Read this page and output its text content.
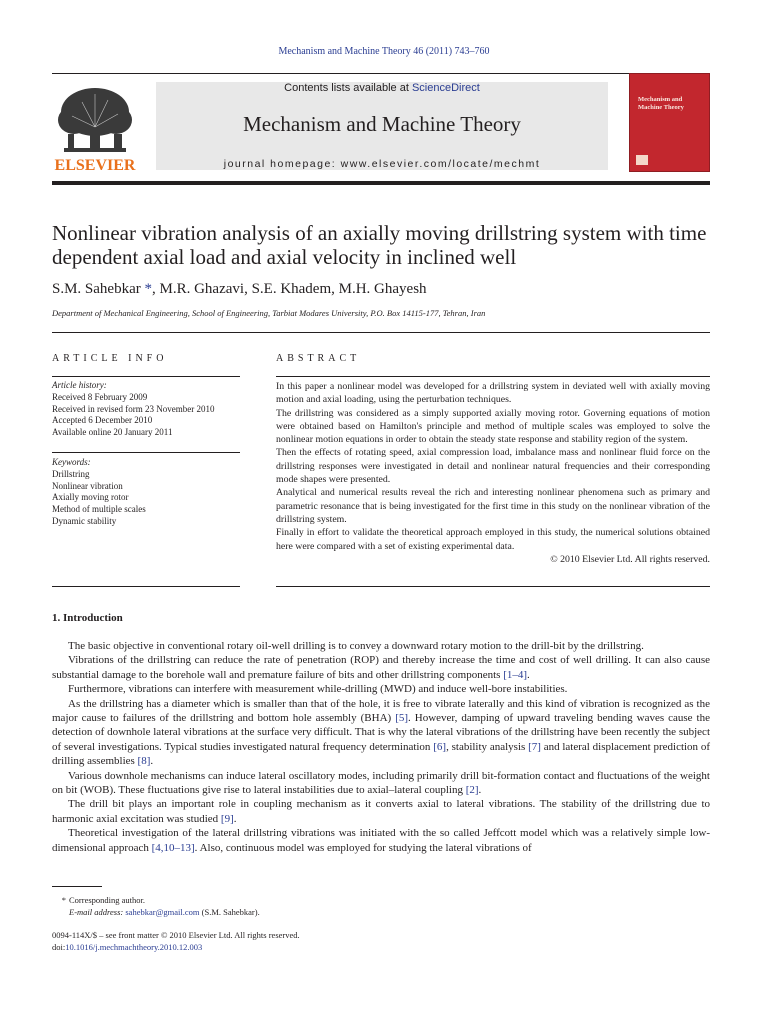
Mechanism and Machine Theory 46 (2011) 743–760
ELSEVIER
Contents lists available at ScienceDirect
Mechanism and Machine Theory
journal homepage: www.elsevier.com/locate/mechmt
Mechanism and Machine Theory
Nonlinear vibration analysis of an axially moving drillstring system with time dependent axial load and axial velocity in inclined well
S.M. Sahebkar *, M.R. Ghazavi, S.E. Khadem, M.H. Ghayesh
Department of Mechanical Engineering, School of Engineering, Tarbiat Modares University, P.O. Box 14115-177, Tehran, Iran
ARTICLE INFO
Article history:
Received 8 February 2009
Received in revised form 23 November 2010
Accepted 6 December 2010
Available online 20 January 2011
Keywords:
Drillstring
Nonlinear vibration
Axially moving rotor
Method of multiple scales
Dynamic stability
ABSTRACT

In this paper a nonlinear model was developed for a drillstring system in deviated well with axially moving motion and axial loading, using the perturbation techniques.

The drillstring was considered as a simply supported axially moving rotor. Governing equations of motion were obtained based on Hamilton's principle and method of multiple scales was employed to solve the nonlinear motion equations in order to obtain the steady state response and stability region of the system.

Then the effects of rotating speed, axial compression load, imbalance mass and nonlinear fluid force on the drillstring responses were investigated in detail and nonlinear natural frequencies and their corresponding mode shapes were presented.

Analytical and numerical results reveal the rich and interesting nonlinear phenomena such as primary and parametric resonance that is being investigated for the first time in this study on the nonlinear vibration of the drillstring system.

Finally in effort to validate the theoretical approach employed in this study, the numerical solutions obtained here were compared with a set of existing experimental data.

© 2010 Elsevier Ltd. All rights reserved.

1. Introduction

The basic objective in conventional rotary oil-well drilling is to convey a downward rotary motion to the drill-bit by the drillstring.

Vibrations of the drillstring can reduce the rate of penetration (ROP) and thereby increase the time and cost of well drilling. It can also cause substantial damage to the borehole wall and premature failure of bits and other drillstring components [1–4].

Furthermore, vibrations can interfere with measurement while-drilling (MWD) and induce well-bore instabilities.

As the drillstring has a diameter which is smaller than that of the hole, it is free to vibrate laterally and this kind of vibration is recognized as the major cause to failures of the drillstring and bottom hole assembly (BHA) [5]. However, damping of upward traveling bending waves cause the detection of downhole lateral vibrations at the surface very difficult. That is why the lateral vibrations of the drillstring have been recently the subject of several investigations. Typical studies investigated natural frequency determination [6], stability analysis [7] and lateral displacement prediction of drilling assemblies [8].

Various downhole mechanisms can induce lateral oscillatory modes, including primarily drill bit-formation contact and fluctuations of the weight on bit (WOB). These fluctuations give rise to lateral instabilities due to axial–lateral coupling [2].

The drill bit plays an important role in coupling mechanism as it converts axial to lateral vibrations. The stability of the drillstring due to harmonic axial excitation was studied [9].

Theoretical investigation of the lateral drillstring vibrations was initiated with the so called Jeffcott model which was a relatively simple low-dimensional approach [4,10–13]. Also, continuous model was employed for studying the lateral vibrations of

* Corresponding author.
E-mail address: sahebkar@gmail.com (S.M. Sahebkar).
0094-114X/$ – see front matter © 2010 Elsevier Ltd. All rights reserved.
doi:10.1016/j.mechmachtheory.2010.12.003
